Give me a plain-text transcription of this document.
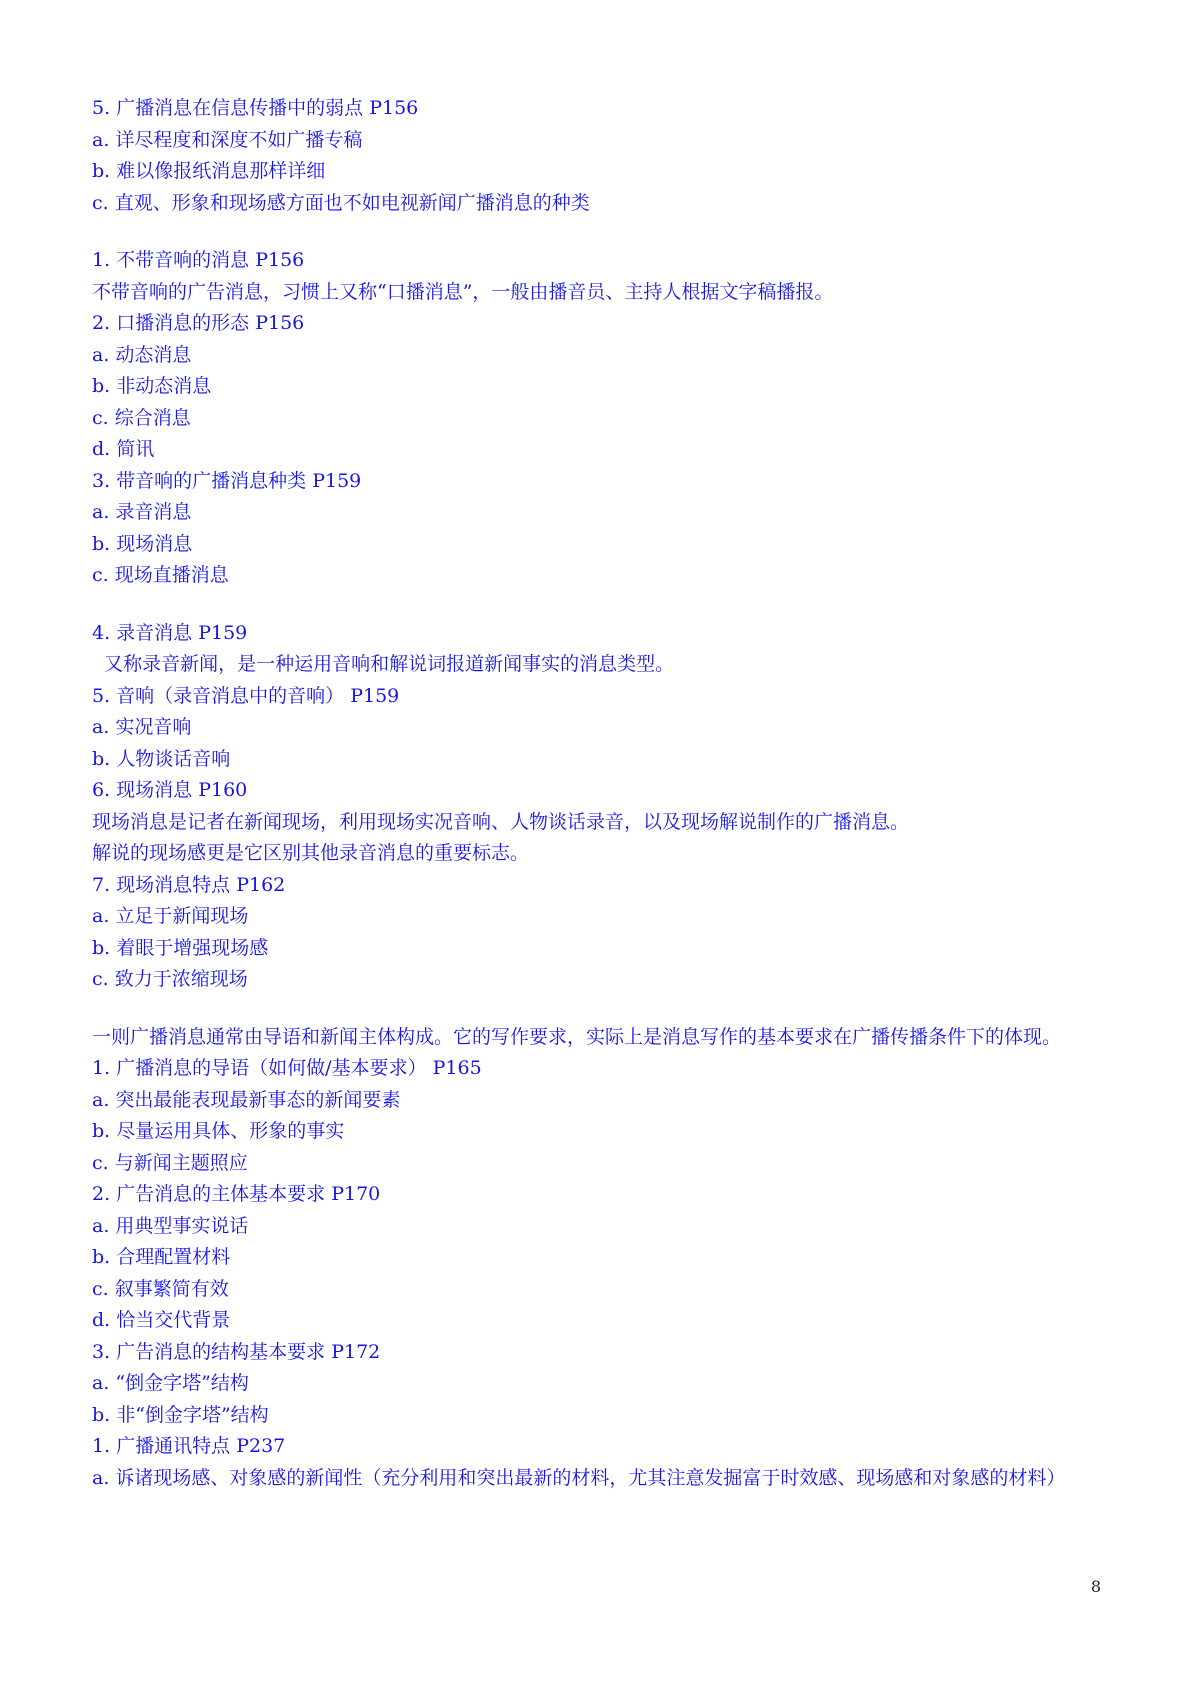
5. 广播消息在信息传播中的弱点 P156

a. 详尽程度和深度不如广播专稿

b. 难以像报纸消息那样详细

c. 直观、形象和现场感方面也不如电视新闻广播消息的种类

1. 不带音响的消息 P156

不带音响的广告消息，习惯上又称“口播消息”，一般由播音员、主持人根据文字稿播报。

2. 口播消息的形态 P156

a. 动态消息

b. 非动态消息

c. 综合消息

d. 简讯

3. 带音响的广播消息种类 P159

a. 录音消息

b. 现场消息

c. 现场直播消息

4. 录音消息 P159

又称录音新闻，是一种运用音响和解说词报道新闻事实的消息类型。

5. 音响（录音消息中的音响） P159

a. 实况音响

b. 人物谈话音响

6. 现场消息 P160

现场消息是记者在新闻现场，利用现场实况音响、人物谈话录音，以及现场解说制作的广播消息。

解说的现场感更是它区别其他录音消息的重要标志。

7. 现场消息特点 P162

a. 立足于新闻现场

b. 着眼于增强现场感

c. 致力于浓缩现场

一则广播消息通常由导语和新闻主体构成。它的写作要求，实际上是消息写作的基本要求在广播传播条件下的体现。

1. 广播消息的导语（如何做/基本要求） P165

a. 突出最能表现最新事态的新闻要素

b. 尽量运用具体、形象的事实

c. 与新闻主题照应

2. 广告消息的主体基本要求 P170

a. 用典型事实说话

b. 合理配置材料

c. 叙事繁简有效

d. 恰当交代背景

3. 广告消息的结构基本要求 P172

a. “倒金字塔”结构

b. 非“倒金字塔”结构

1. 广播通讯特点 P237

a. 诉诸现场感、对象感的新闻性（充分利用和突出最新的材料，尤其注意发掘富于时效感、现场感和对象感的材料）

8
